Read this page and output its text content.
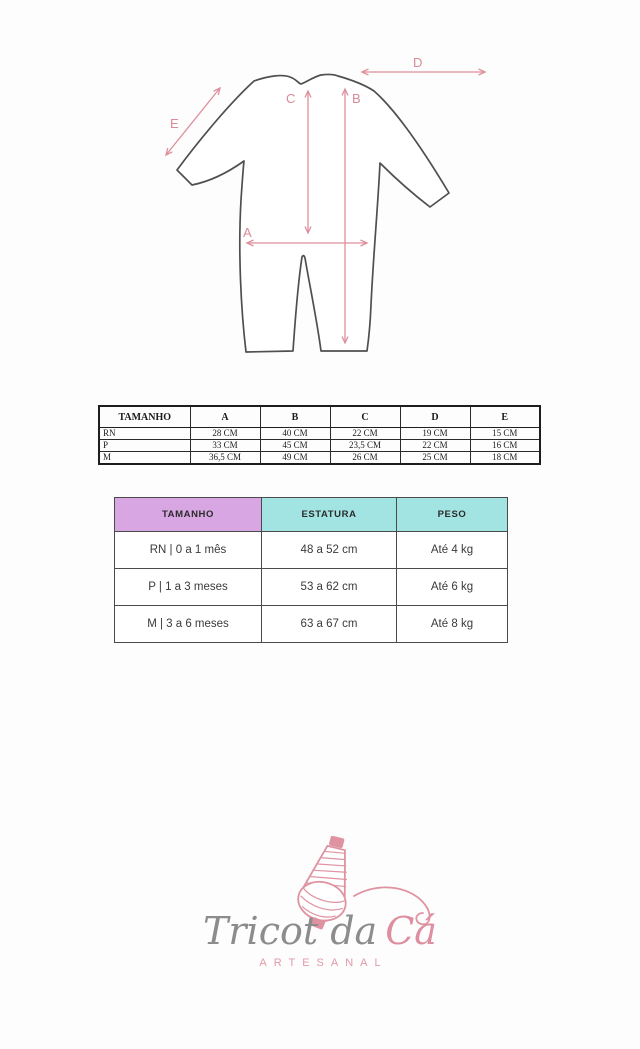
E
D
C	B
A
TAMANHO	A	B	C	D	E
RN	28 CM	40 CM	22 CM	19 CM	15 CM
P	33 CM	45 CM	23,5 CM	22 CM	16 CM
M	36,5 CM	49 CM	26 CM	25 CM	18 CM
TAMANHO	ESTATURA	PESO
RN | 0 a 1 mês	48 a 52 cm	Até 4 kg
P | 1 a 3 meses	53 a 62 cm	Até 6 kg
M | 3 a 6 meses	63 a 67 cm	Até 8 kg
Tricot da Cá
ARTESANAL
